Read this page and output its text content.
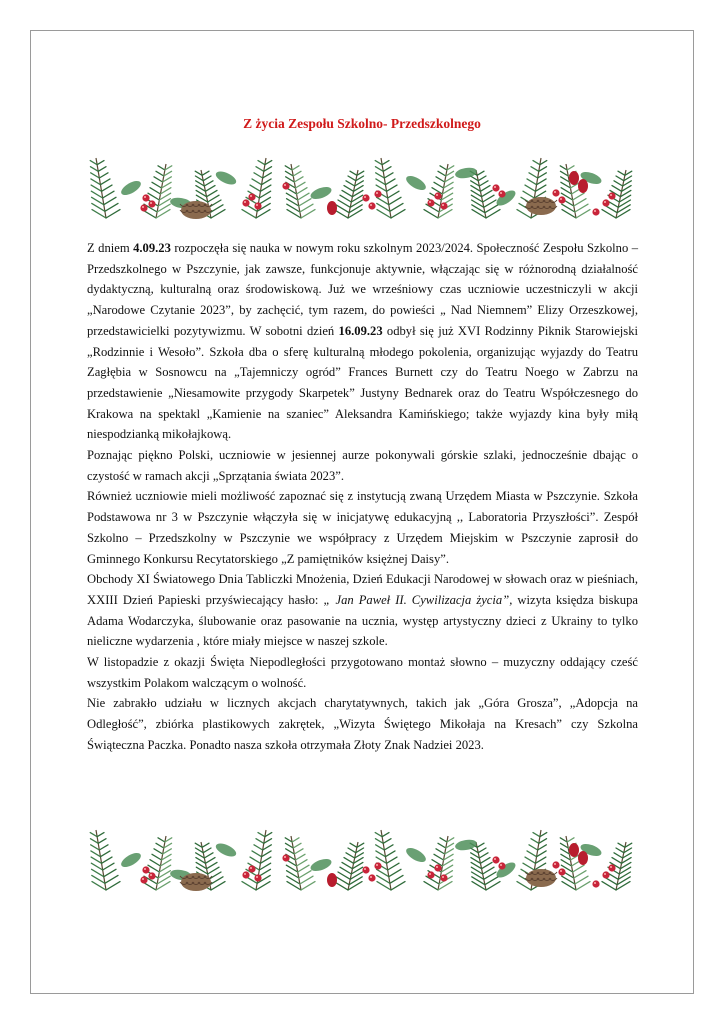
Z życia Zespołu Szkolno- Przedszkolnego

Z dniem 4.09.23 rozpoczęła się nauka w nowym roku szkolnym 2023/2024. Społeczność Zespołu Szkolno – Przedszkolnego w Pszczynie, jak zawsze, funkcjonuje aktywnie, włączając się w różnorodną działalność dydaktyczną, kulturalną oraz środowiskową. Już we wrześniowy czas uczniowie uczestniczyli w akcji „Narodowe Czytanie 2023”, by zachęcić, tym razem, do powieści „ Nad Niemnem” Elizy Orzeszkowej, przedstawicielki pozytywizmu. W sobotni dzień 16.09.23 odbył się już XVI Rodzinny Piknik Starowiejski „Rodzinnie i Wesoło”. Szkoła dba o sferę kulturalną młodego pokolenia, organizując wyjazdy do Teatru Zagłębia w Sosnowcu na „Tajemniczy ogród” Frances Burnett czy do Teatru Noego w Zabrzu na przedstawienie „Niesamowite przygody Skarpetek” Justyny Bednarek oraz do Teatru Współczesnego do Krakowa na spektakl „Kamienie na szaniec” Aleksandra Kamińskiego; także wyjazdy kina były miłą niespodzianką mikołajkową.

Poznając piękno Polski, uczniowie w jesiennej aurze pokonywali górskie szlaki, jednocześnie dbając o czystość w ramach akcji „Sprzątania świata 2023”.

Również uczniowie mieli możliwość zapoznać się z instytucją zwaną Urzędem Miasta w Pszczynie. Szkoła Podstawowa nr 3 w Pszczynie włączyła się w inicjatywę edukacyjną ,, Laboratoria Przyszłości”. Zespół Szkolno – Przedszkolny w Pszczynie we współpracy z Urzędem Miejskim w Pszczynie zaprosił do Gminnego Konkursu Recytatorskiego „Z pamiętników księżnej Daisy”.

Obchody XI Światowego Dnia Tabliczki Mnożenia, Dzień Edukacji Narodowej w słowach oraz w pieśniach, XXIII Dzień Papieski przyświecający hasło: „ Jan Paweł II. Cywilizacja życia”, wizyta księdza biskupa Adama Wodarczyka, ślubowanie oraz pasowanie na ucznia, występ artystyczny dzieci z Ukrainy to tylko nieliczne wydarzenia , które miały miejsce w naszej szkole.

W listopadzie z okazji Święta Niepodległości przygotowano montaż słowno – muzyczny oddający cześć wszystkim Polakom walczącym o wolność.

Nie zabrakło udziału w licznych akcjach charytatywnych, takich jak „Góra Grosza”, „Adopcja na Odległość”, zbiórka plastikowych zakrętek, „Wizyta Świętego Mikołaja na Kresach” czy Szkolna Świąteczna Paczka. Ponadto nasza szkoła otrzymała Złoty Znak Nadziei 2023.
